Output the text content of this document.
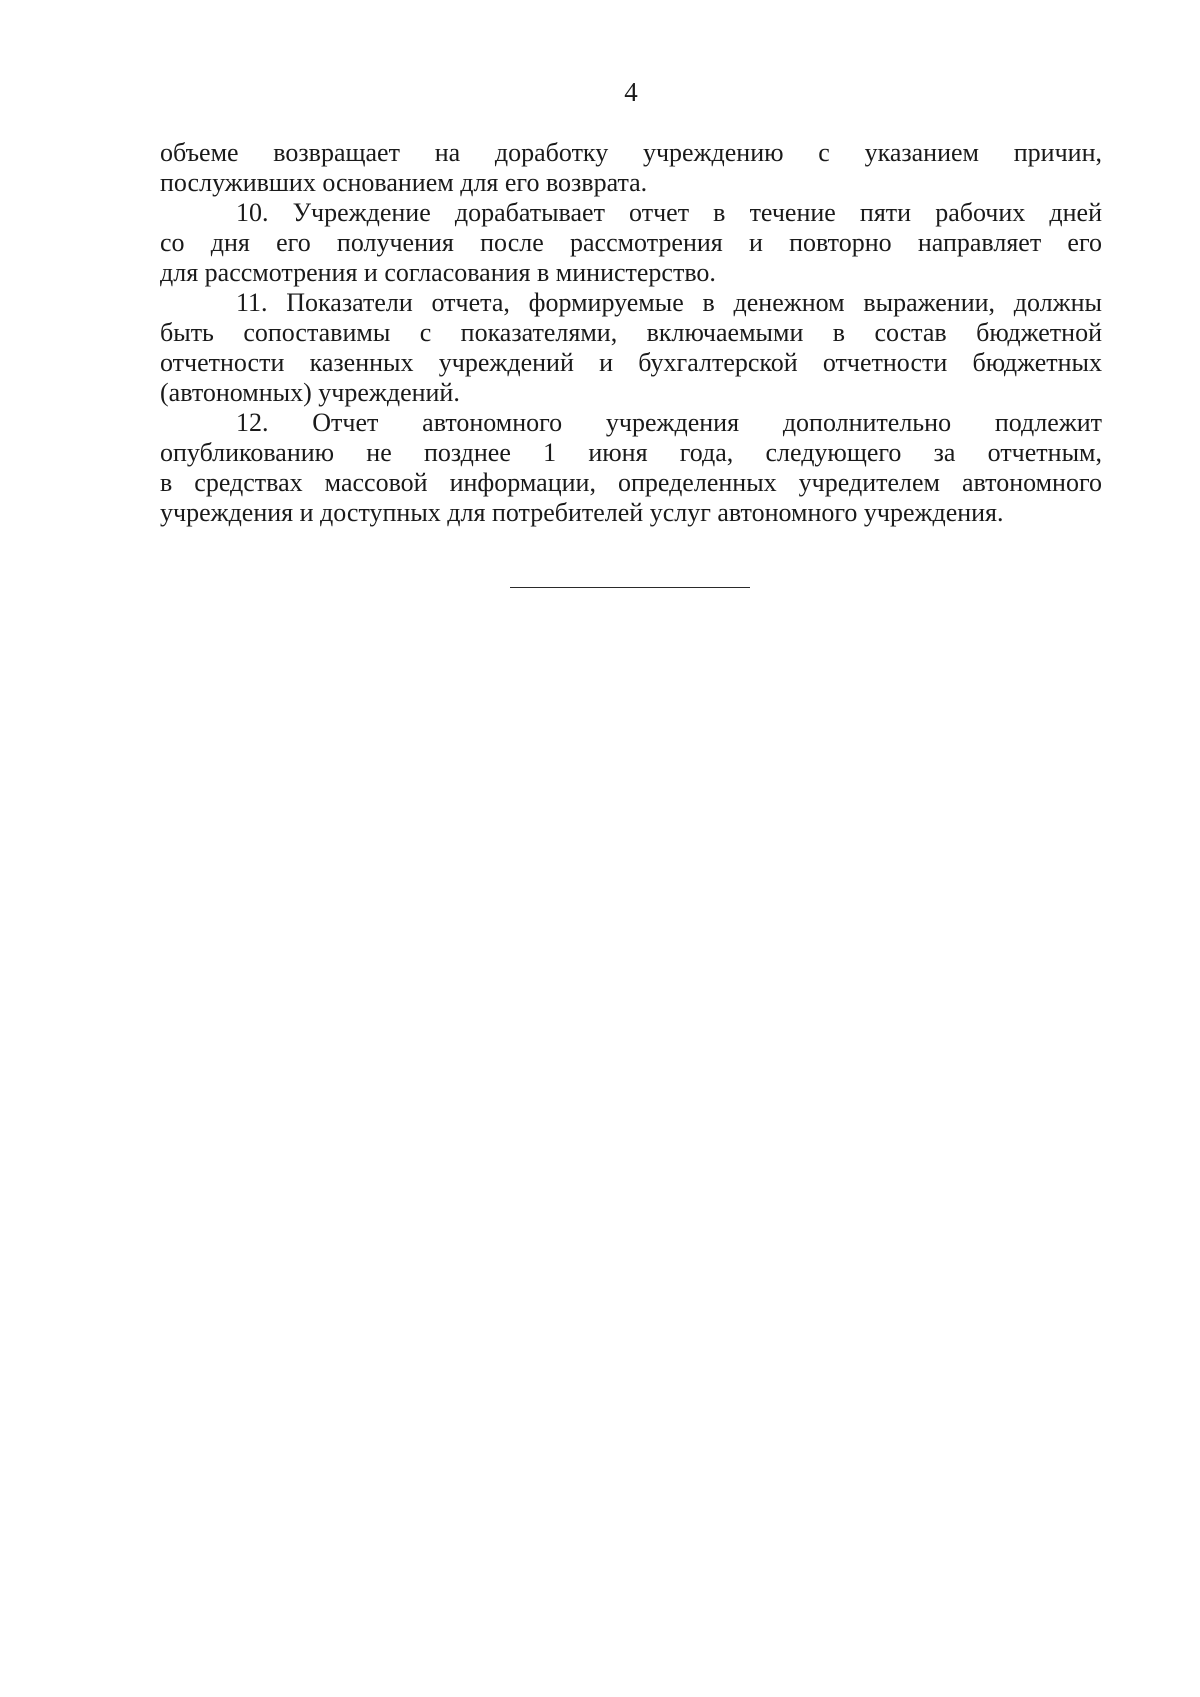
4

объеме возвращает на доработку учреждению с указанием причин,
послуживших основанием для его возврата.

10. Учреждение дорабатывает отчет в течение пяти рабочих дней
со дня его получения после рассмотрения и повторно направляет его
для рассмотрения и согласования в министерство.

11. Показатели отчета, формируемые в денежном выражении, должны
быть сопоставимы с показателями, включаемыми в состав бюджетной
отчетности казенных учреждений и бухгалтерской отчетности бюджетных
(автономных) учреждений.

12. Отчет автономного учреждения дополнительно подлежит
опубликованию не позднее 1 июня года, следующего за отчетным,
в средствах массовой информации, определенных учредителем автономного
учреждения и доступных для потребителей услуг автономного учреждения.
